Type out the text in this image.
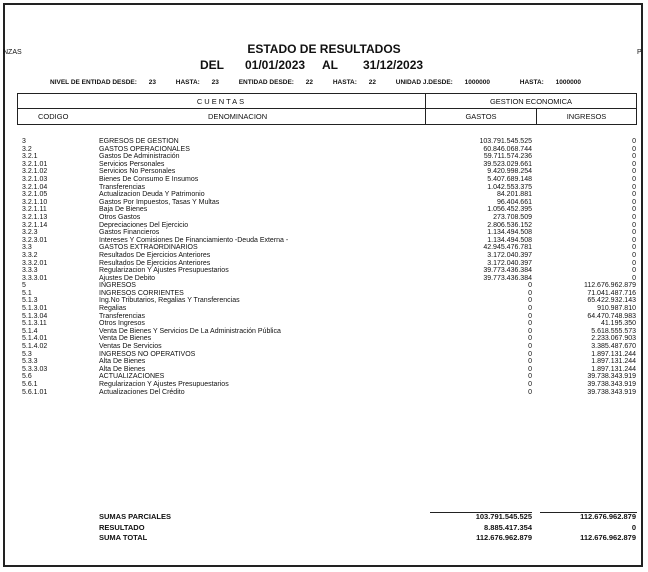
NZAS	P
ESTADO DE RESULTADOS
DEL 01/01/2023 AL 31/12/2023
NIVEL DE ENTIDAD DESDE: 23	HASTA: 23	ENTIDAD DESDE: 22	HASTA: 22	UNIDAD J.DESDE: 1000000	HASTA: 1000000
CUENTAS	GESTION ECONOMICA
CODIGO	DENOMINACION	GASTOS	INGRESOS
3	EGRESOS DE GESTION	103.791.545.525	0
3.2	GASTOS OPERACIONALES	60.846.068.744	0
3.2.1	Gastos De Administración	59.711.574.236	0
3.2.1.01	Servicios Personales	39.523.029.661	0
3.2.1.02	Servicios No Personales	9.420.998.254	0
3.2.1.03	Bienes De Consumo E Insumos	5.407.689.148	0
3.2.1.04	Transferencias	1.042.553.375	0
3.2.1.05	Actualizacion Deuda Y Patrimonio	84.201.881	0
3.2.1.10	Gastos Por Impuestos, Tasas Y Multas	96.404.661	0
3.2.1.11	Baja De Bienes	1.056.452.395	0
3.2.1.13	Otros Gastos	273.708.509	0
3.2.1.14	Depreciaciones Del Ejercicio	2.806.536.152	0
3.2.3	Gastos Financieros	1.134.494.508	0
3.2.3.01	Intereses Y Comisiones De Financiamiento -Deuda Externa -	1.134.494.508	0
3.3	GASTOS EXTRAORDINARIOS	42.945.476.781	0
3.3.2	Resultados De Ejercicios Anteriores	3.172.040.397	0
3.3.2.01	Resultados De Ejercicios Anteriores	3.172.040.397	0
3.3.3	Regularizacion Y Ajustes Presupuestarios	39.773.436.384	0
3.3.3.01	Ajustes De Debito	39.773.436.384	0
5	INGRESOS	0	112.676.962.879
5.1	INGRESOS CORRIENTES	0	71.041.487.716
5.1.3	Ing.No Tributarios, Regalias Y Transferencias	0	65.422.932.143
5.1.3.01	Regalias	0	910.987.810
5.1.3.04	Transferencias	0	64.470.748.983
5.1.3.11	Otros Ingresos	0	41.195.350
5.1.4	Venta De Bienes Y Servicios De La Administración Pública	0	5.618.555.573
5.1.4.01	Venta De Bienes	0	2.233.067.903
5.1.4.02	Ventas De Servicios	0	3.385.487.670
5.3	INGRESOS NO OPERATIVOS	0	1.897.131.244
5.3.3	Alta De Bienes	0	1.897.131.244
5.3.3.03	Alta De Bienes	0	1.897.131.244
5.6	ACTUALIZACIONES	0	39.738.343.919
5.6.1	Regularizacion Y Ajustes Presupuestarios	0	39.738.343.919
5.6.1.01	Actualizaciones Del Crédito	0	39.738.343.919
SUMAS PARCIALES	103.791.545.525	112.676.962.879
RESULTADO	8.885.417.354	0
SUMA TOTAL	112.676.962.879	112.676.962.879
